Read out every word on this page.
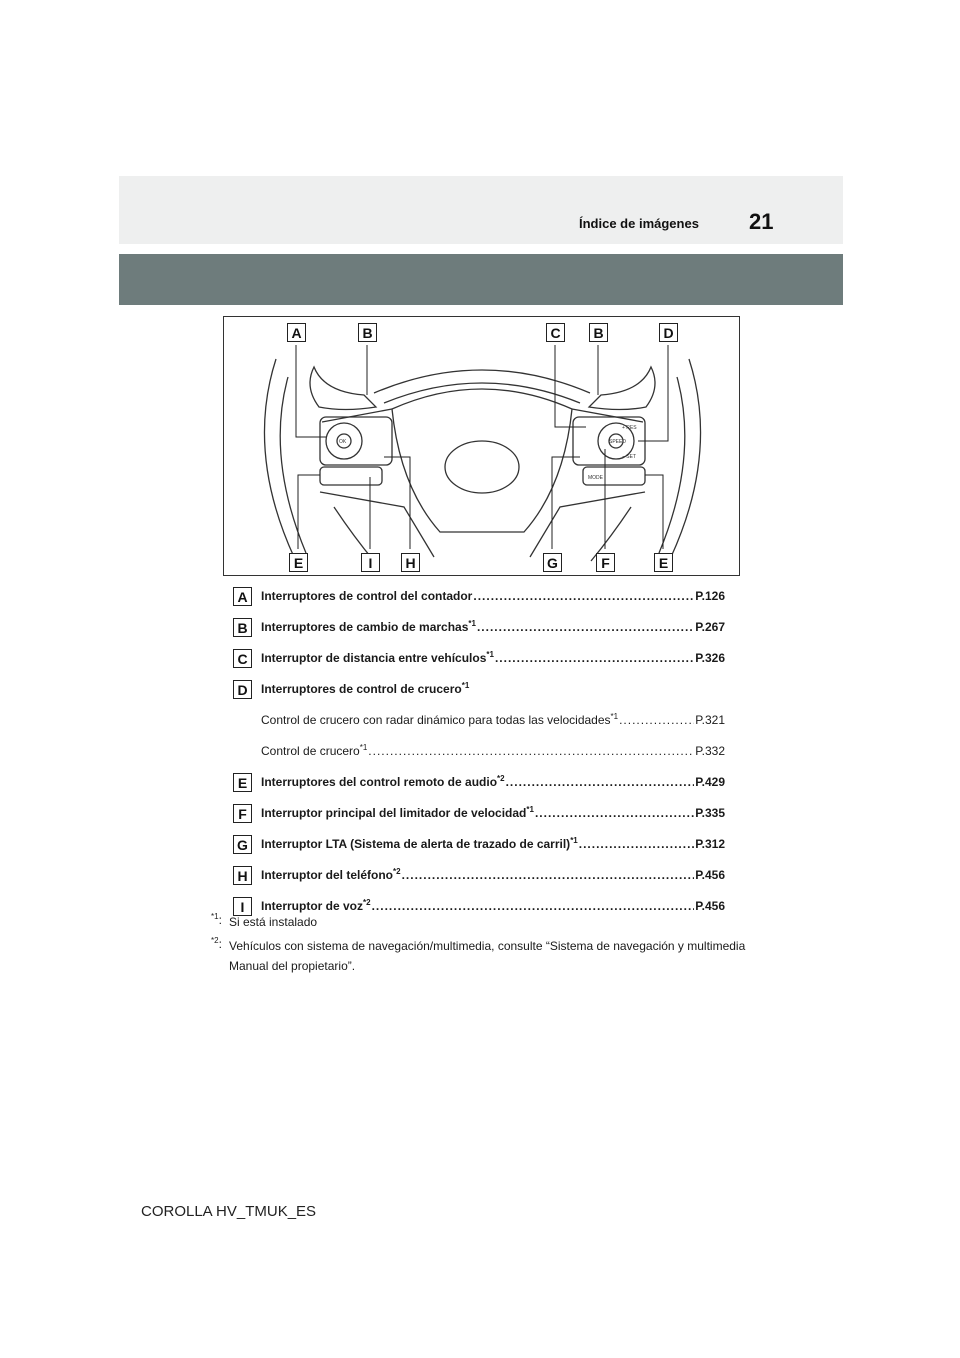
Índice de imágenes 21
OK	SPEED
+ RES
− SET
MODE
A	B	C	B	D
E	I	H	G	F	E
A	Interruptores de control del contador .....	P.126
B	Interruptores de cambio de marchas$^{*1}$ .....	P.267
C	Interruptor de distancia entre vehículos$^{*1}$ .....	P.326
D	Interruptores de control de crucero$^{*1}$
Control de crucero con radar dinámico para todas las velocidades$^{*1}$ .....	P.321
Control de crucero$^{*1}$ .....	P.332
E	Interruptores del control remoto de audio$^{*2}$ .....	P.429
F	Interruptor principal del limitador de velocidad$^{*1}$ .....	P.335
G	Interruptor LTA (Sistema de alerta de trazado de carril)$^{*1}$ .....	P.312
H	Interruptor del teléfono$^{*2}$ .....	P.456
I	Interruptor de voz$^{*2}$ .....	P.456
$^{*1}$: Si está instalado
$^{*2}$: Vehículos con sistema de navegación/multimedia, consulte “Sistema de navegación y multimedia Manual del propietario”.
COROLLA HV_TMUK_ES
